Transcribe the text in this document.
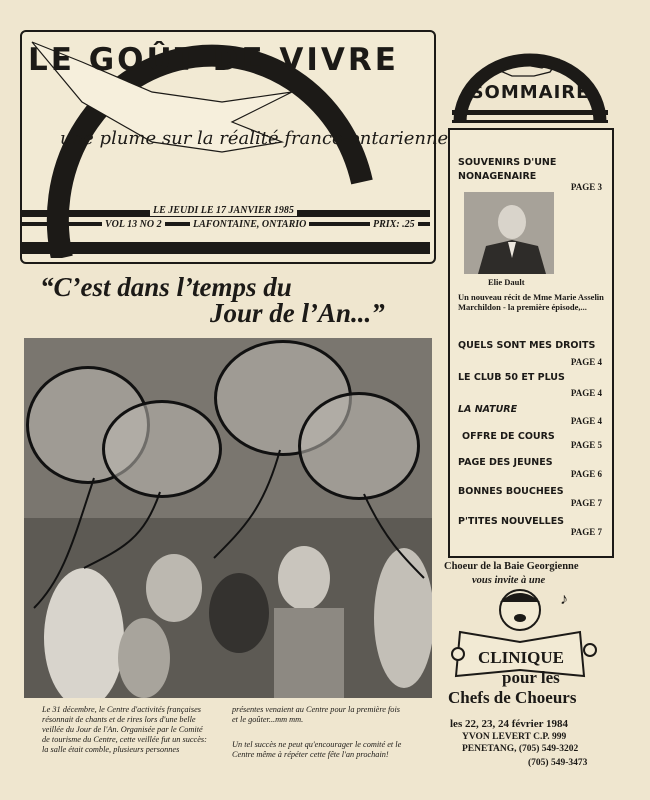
LE JEUDI LE 17 JANVIER 1985
VOL 13 NO 2	LAFONTAINE, ONTARIO	PRIX: .25
LE GOÛT DE VIVRE
une plume sur la réalité franco-ontarienne
“C’est dans l’temps du
Jour de l’An...”
Le 31 décembre, le Centre d'activités françaises résonnait de chants et de rires lors d'une belle veillée du Jour de l'An. Organisée par le Comité de tourisme du Centre, cette veillée fut un succès: la salle était comble, plusieurs personnes
présentes venaient au Centre pour la première fois et le goûter...mm mm.
Un tel succès ne peut qu'encourager le comité et le Centre même à répéter cette fête l'an prochain!
SOMMAIRE
SOUVENIRS D'UNE NONAGENAIRE
PAGE 3
Elie Dault
Un nouveau récit de Mme Marie Asselin Marchildon - la première épisode,...
QUELS SONT MES DROITS
PAGE 4
LE CLUB 50 ET PLUS
PAGE 4
LA NATURE
PAGE 4
OFFRE DE COURS
PAGE 5
PAGE DES JEUNES
PAGE 6
BONNES BOUCHEES
PAGE 7
P'TITES NOUVELLES
PAGE 7
Choeur de la Baie Georgienne
vous invite à une
♪
CLINIQUE
pour les
Chefs de Choeurs
les 22, 23, 24 février 1984
YVON LEVERT C.P. 999
PENETANG, (705) 549-3202
(705) 549-3473
